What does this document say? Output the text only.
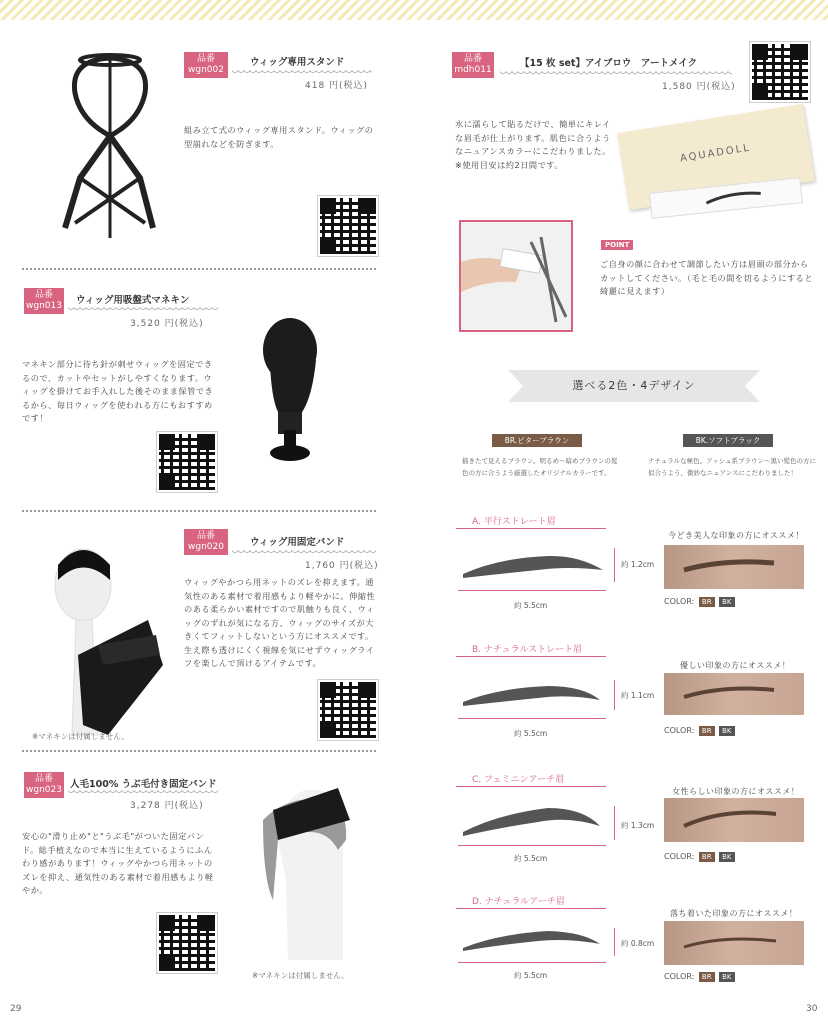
品番
wgn002
ウィッグ専用スタンド
418 円(税込)
組み立て式のウィッグ専用スタンド。ウィッグの型崩れなどを防ぎます。
品番
wgn013 ウィッグ用吸盤式マネキン
3,520 円(税込)
マネキン部分に待ち針が刺せウィッグを固定できるので、カットやセットがしやすくなります。ウィッグを掛けてお手入れした後そのまま保管できるから、毎日ウィッグを使われる方にもおすすめです！
※マネキンは付属しません。
品番
wgn020	ウィッグ用固定バンド
1,760 円(税込)
ウィッグやかつら用ネットのズレを抑えます。通気性のある素材で着用感もより軽やかに。伸縮性のある柔らかい素材ですので肌触りも良く、ウィッグのずれが気になる方、ウィッグのサイズが大きくてフィットしないという方にオススメです。生え際も透けにくく視線を気にせずウィッグライフを楽しんで頂けるアイテムです。
品番
wgn023 人毛100% うぶ毛付き固定バンド
3,278 円(税込)
安心の"滑り止め"と"うぶ毛"がついた固定バンド。総手植えなので本当に生えているようにふんわり感があります！ウィッグやかつら用ネットのズレを抑え、通気性のある素材で着用感もより軽やか。
※マネキンは付属しません。
29
品番
mdh011
【15 枚 set】アイブロウ　アートメイク
1,580 円(税込)
水に濡らして貼るだけで、簡単にキレイな眉毛が仕上がります。肌色に合うようなニュアンスカラーにこだわりました。※使用目安は約2日間です。	AQUADOLL
POINT
ご自身の顔に合わせて調節したい方は眉頭の部分からカットしてください。（毛と毛の間を切るようにすると綺麗に見えます）
選べる2色・4デザイン
BR.ビターブラウン	BK.ソフトブラック
描きたて見えるブラウン。明るめ～暗めブラウンの髪色の方に合うよう厳選したオリジナルカラーです。
ナチュラルな極色。アッシュ系ブラウン～黒い髪色の方に似合うよう、微妙なニュアンスにこだわりました！
A. 平行ストレート眉
約 1.2cm
約 5.5cm
今どき美人な印象の方にオススメ！
COLOR: BR BK
B. ナチュラルストレート眉
約 1.1cm
約 5.5cm
優しい印象の方にオススメ！
COLOR: BR BK
C. フェミニンアーチ眉
約 1.3cm
約 5.5cm
女性らしい印象の方にオススメ！
COLOR: BR BK
D. ナチュラルアーチ眉
約 0.8cm
約 5.5cm
落ち着いた印象の方にオススメ！
COLOR: BR BK
30
